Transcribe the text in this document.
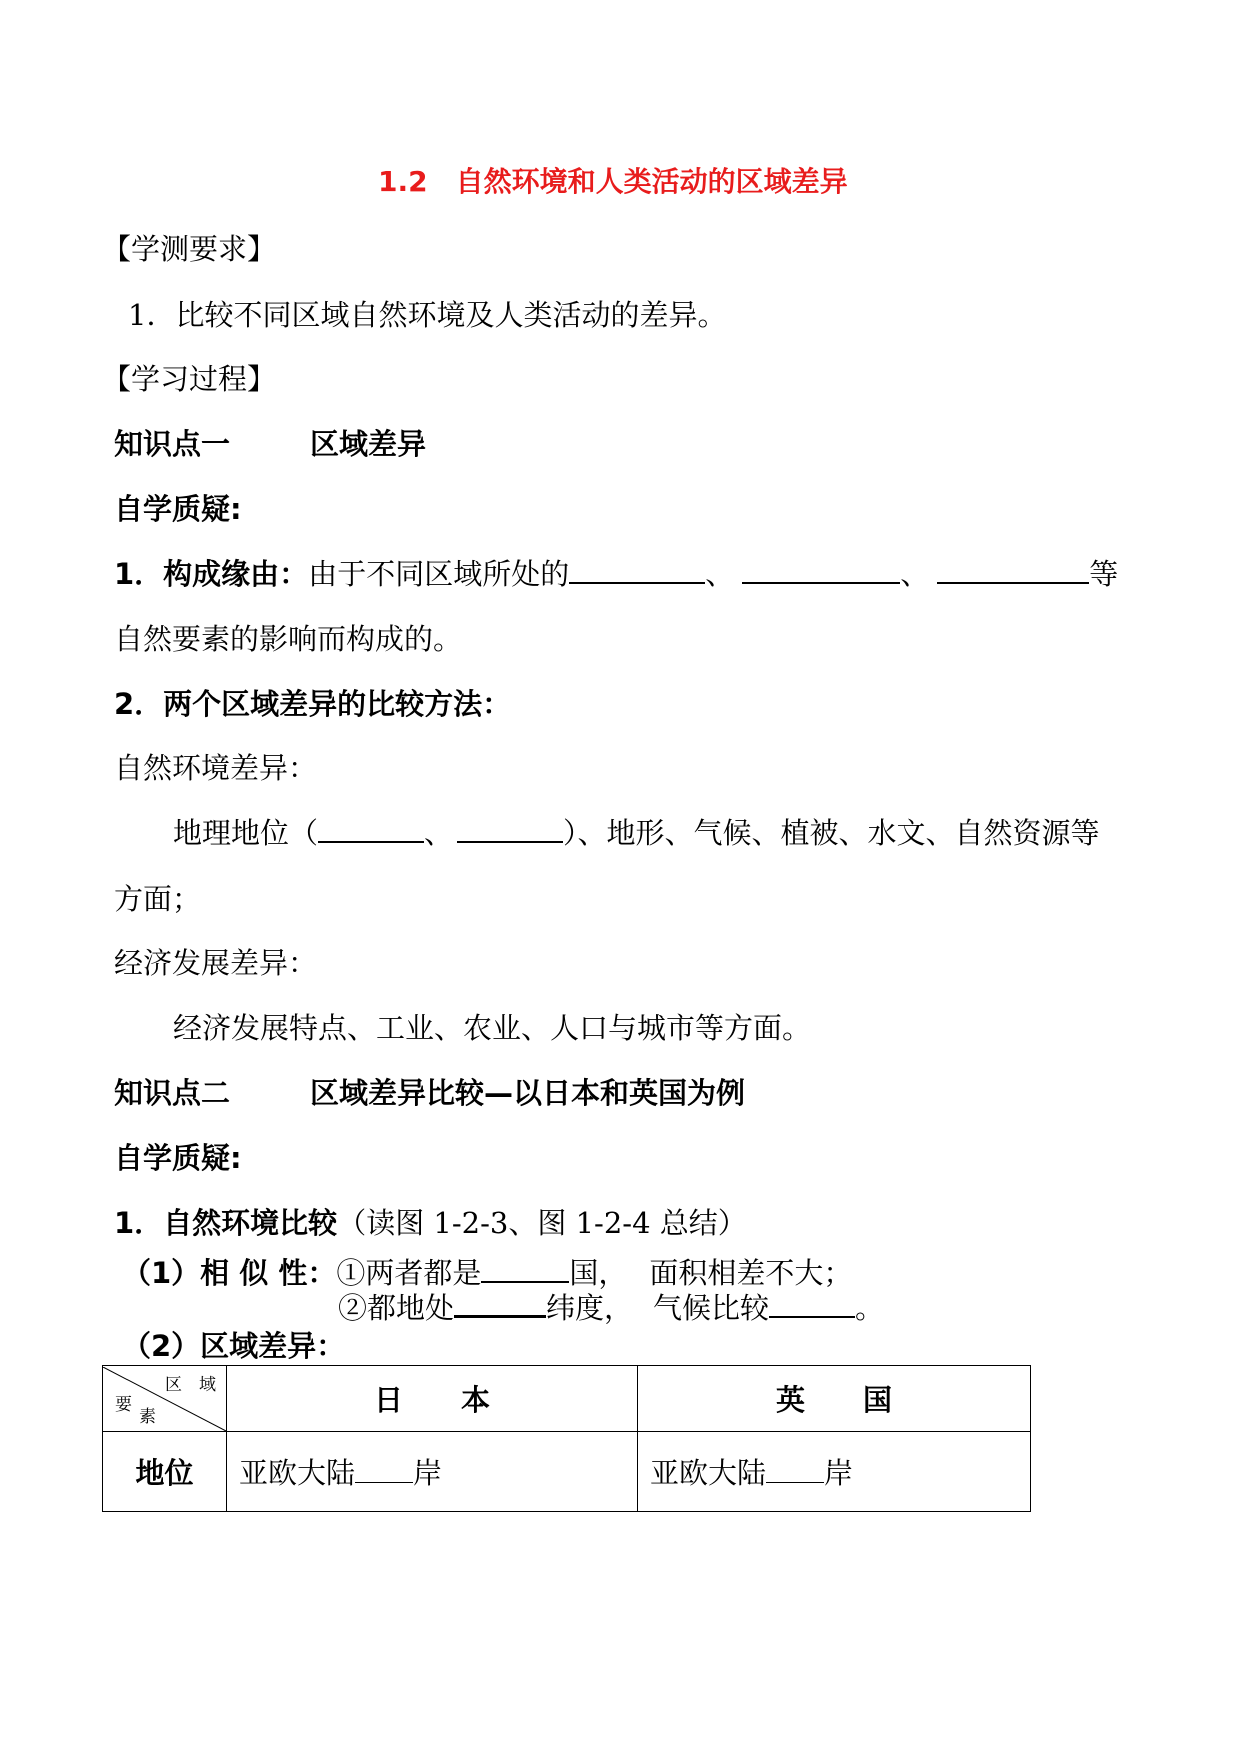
1.2　自然环境和人类活动的区域差异
【学测要求】
1．比较不同区域自然环境及人类活动的差异。
【学习过程】
知识点一	区域差异
自学质疑:
1．构成缘由：由于不同区域所处的	、	、	等
自然要素的影响而构成的。
2．两个区域差异的比较方法：
自然环境差异：
地理地位（	、	）、地形、气候、植被、水文、自然资源等
方面；
经济发展差异：
经济发展特点、工业、农业、人口与城市等方面。
知识点二	区域差异比较—以日本和英国为例
自学质疑:
1．自然环境比较（读图 1-2-3、图 1-2-4 总结）
（1）相 似 性：①两者都是	国， 面积相差不大；
②都地处	纬度， 气候比较	。
（2）区域差异：
区　域
要
素	日　　本	英　　国
地位	亚欧大陆 岸	亚欧大陆 岸
